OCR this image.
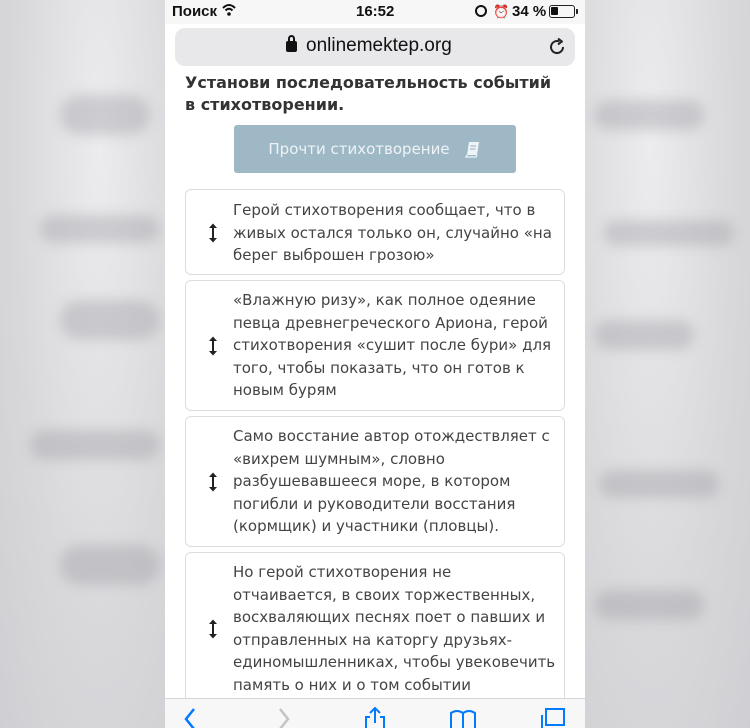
Поиск	16:52	⏰ 34 %
onlinemektep.org
Установи последовательность событий в стихотворении.
Прочти стихотворение
Герой стихотворения сообщает, что в живых остался только он, случайно «на берег выброшен грозою»
«Влажную ризу», как полное одеяние певца древнегреческого Ариона, герой стихотворения «сушит после бури» для того, чтобы показать, что он готов к новым бурям
Само восстание автор отождествляет с «вихрем шумным», словно разбушевавшееся море, в котором погибли и руководители восстания (кормщик) и участники (пловцы).
Но герой стихотворения не отчаивается, в своих торжественных, восхваляющих песнях поет о павших и отправленных на каторгу друзьях-единомышленниках, чтобы увековечить память о них и о том событии
